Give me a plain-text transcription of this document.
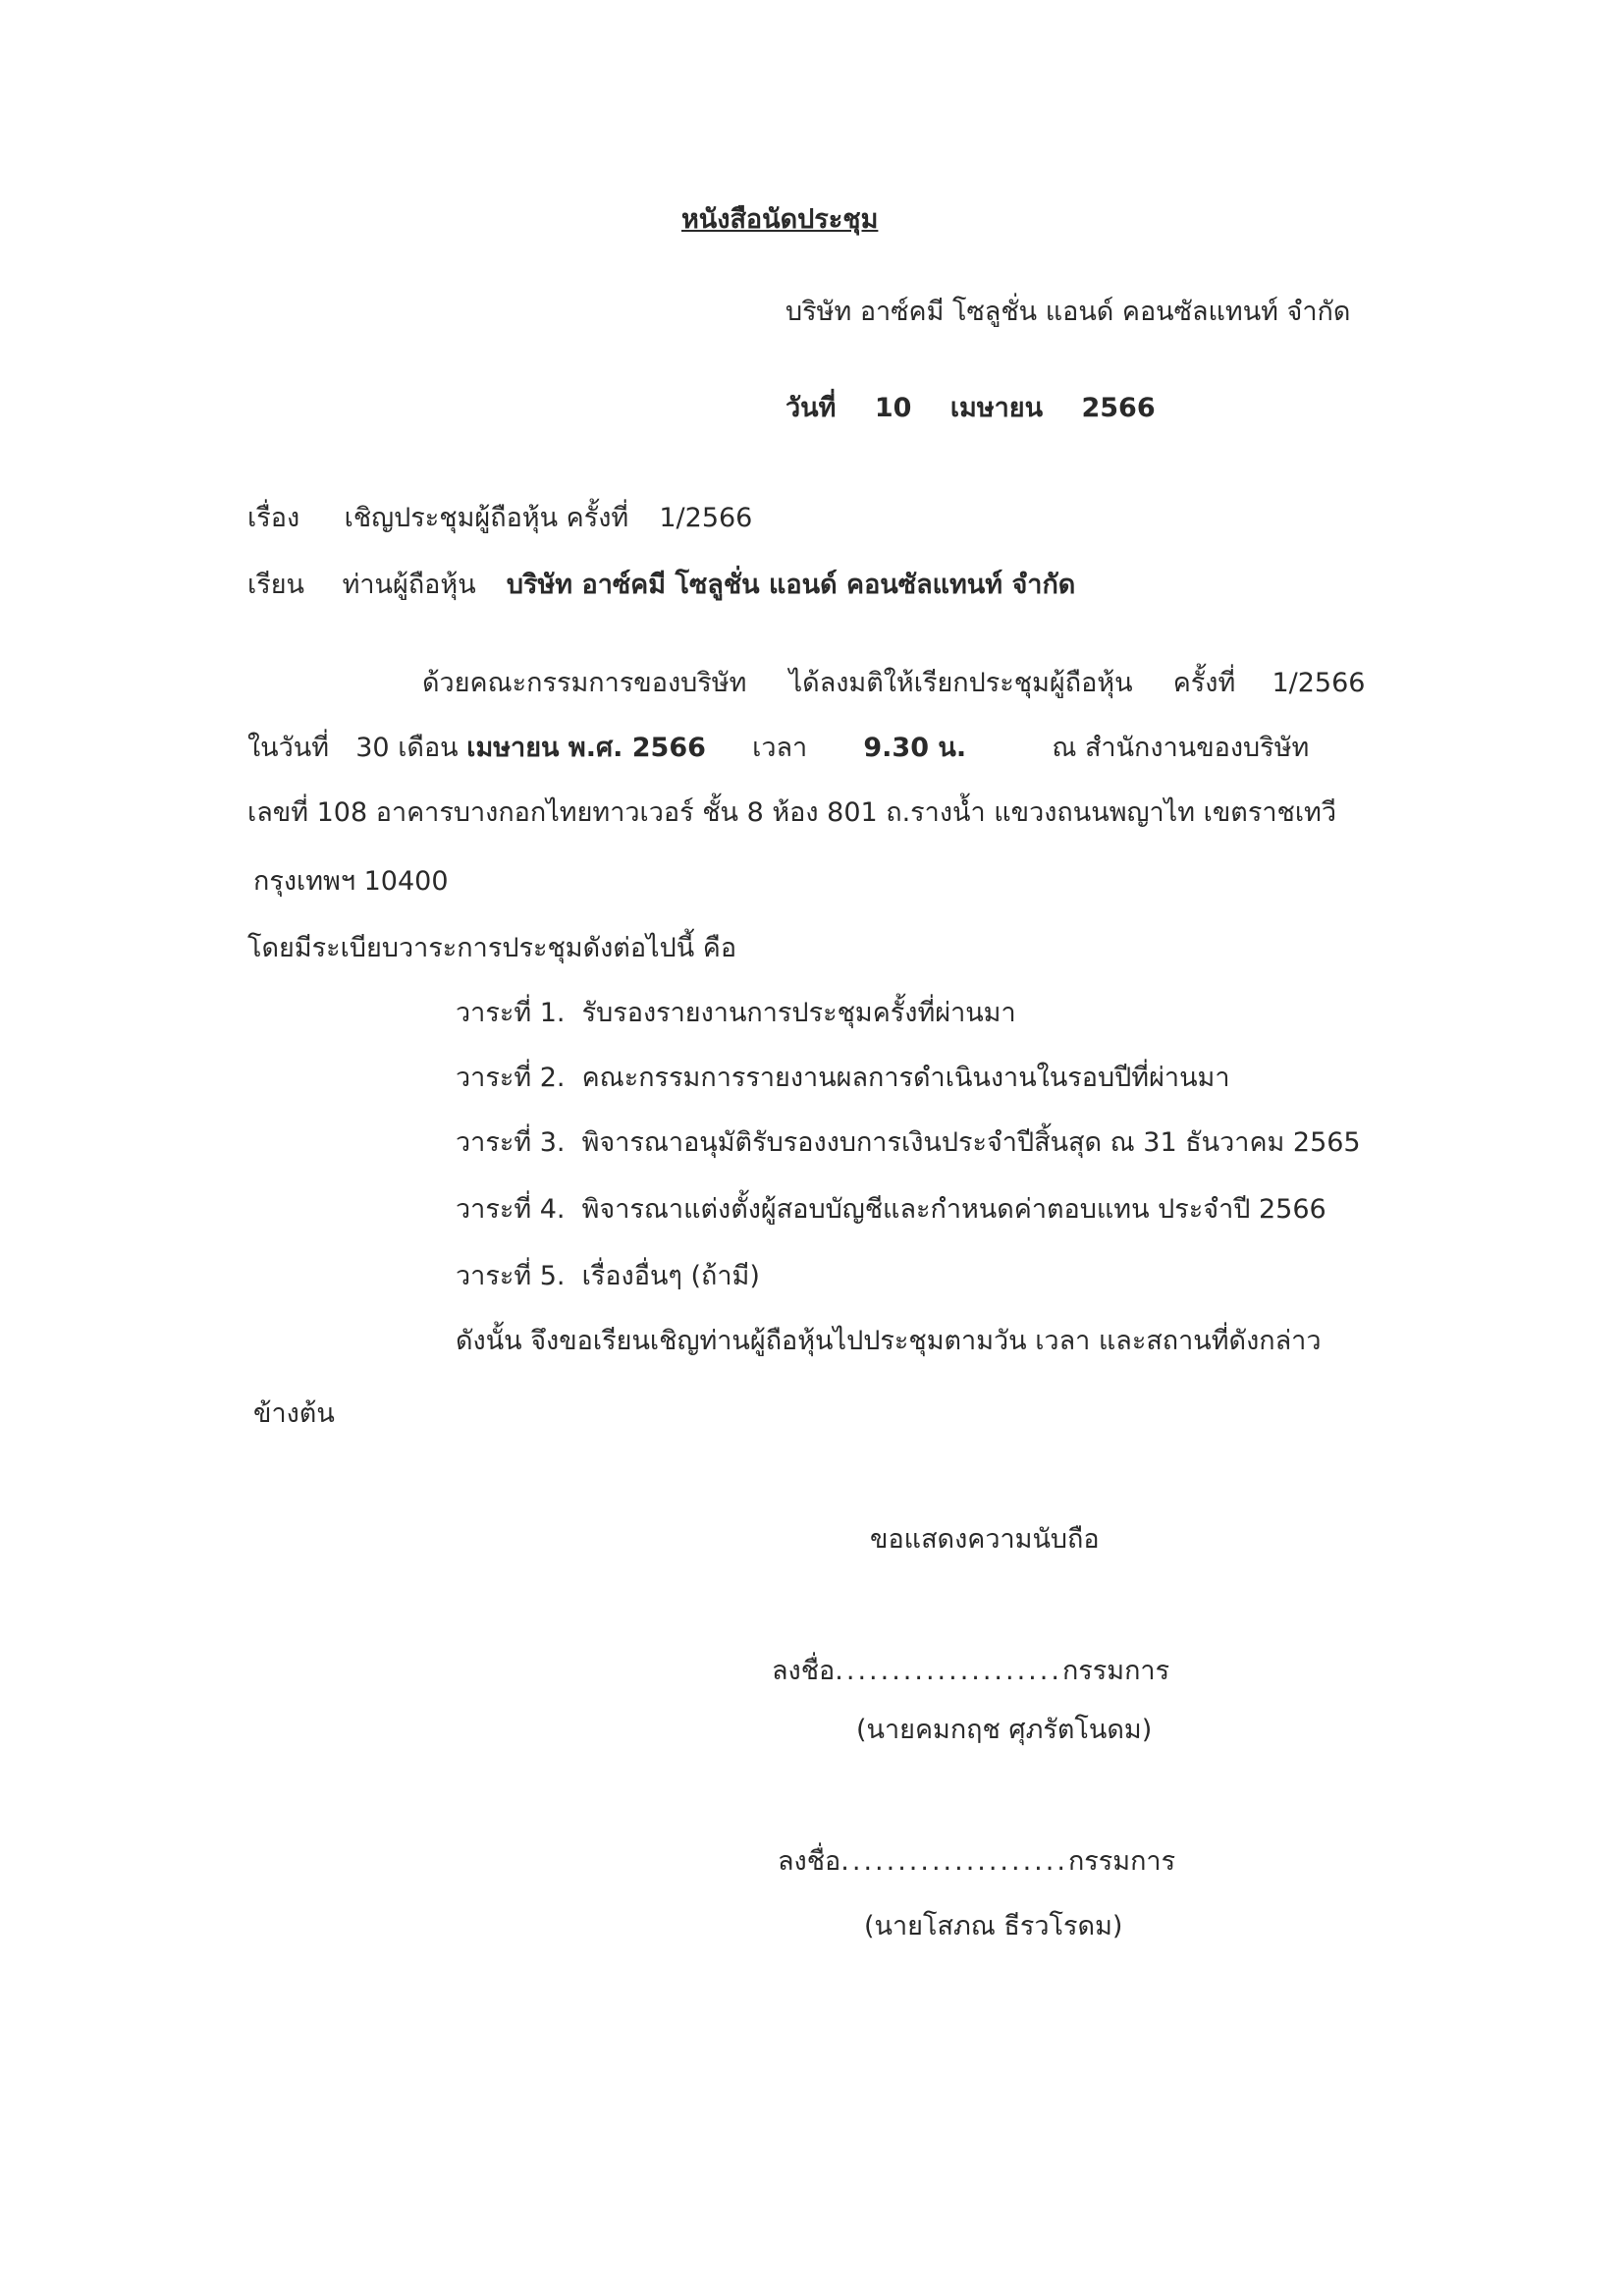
หนังสือนัดประชุม
บริษัท อาซ์คมี โซลูชั่น แอนด์ คอนซัลแทนท์ จำกัด
วันที่ 10 เมษายน 2566
เรื่อง เชิญประชุมผู้ถือหุ้น ครั้งที่ 1/2566
เรียน ท่านผู้ถือหุ้น บริษัท อาซ์คมี โซลูชั่น แอนด์ คอนซัลแทนท์ จำกัด
ด้วยคณะกรรมการของบริษัท ได้ลงมติให้เรียกประชุมผู้ถือหุ้น ครั้งที่ 1/2566
ในวันที่ 30 เดือน เมษายน พ.ศ. 2566 เวลา 9.30 น.	ณ สำนักงานของบริษัท
เลขที่ 108 อาคารบางกอกไทยทาวเวอร์ ชั้น 8 ห้อง 801 ถ.รางน้ำ แขวงถนนพญาไท เขตราชเทวี
กรุงเทพฯ 10400
โดยมีระเบียบวาระการประชุมดังต่อไปนี้ คือ
วาระที่ 1. รับรองรายงานการประชุมครั้งที่ผ่านมา
วาระที่ 2. คณะกรรมการรายงานผลการดำเนินงานในรอบปีที่ผ่านมา
วาระที่ 3. พิจารณาอนุมัติรับรองงบการเงินประจำปีสิ้นสุด ณ 31 ธันวาคม 2565
วาระที่ 4. พิจารณาแต่งตั้งผู้สอบบัญชีและกำหนดค่าตอบแทน ประจำปี 2566
วาระที่ 5. เรื่องอื่นๆ (ถ้ามี)
ดังนั้น จึงขอเรียนเชิญท่านผู้ถือหุ้นไปประชุมตามวัน เวลา และสถานที่ดังกล่าว
ข้างต้น
ขอแสดงความนับถือ
ลงชื่อ....................กรรมการ
(นายคมกฤช ศุภรัตโนดม)
ลงชื่อ....................กรรมการ
(นายโสภณ ธีรวโรดม)
